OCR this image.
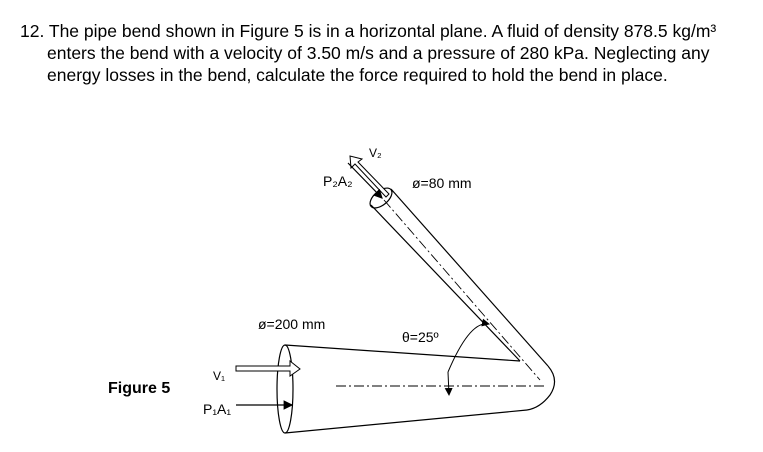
12. The pipe bend shown in Figure 5 is in a horizontal plane. A fluid of density 878.5 kg/m³
enters the bend with a velocity of 3.50 m/s and a pressure of 280 kPa. Neglecting any
energy losses in the bend, calculate the force required to hold the bend in place.
Figure 5
V₁
P₁A₁
V₂
P₂A₂
ø=200 mm
ø=80 mm
θ=25º
